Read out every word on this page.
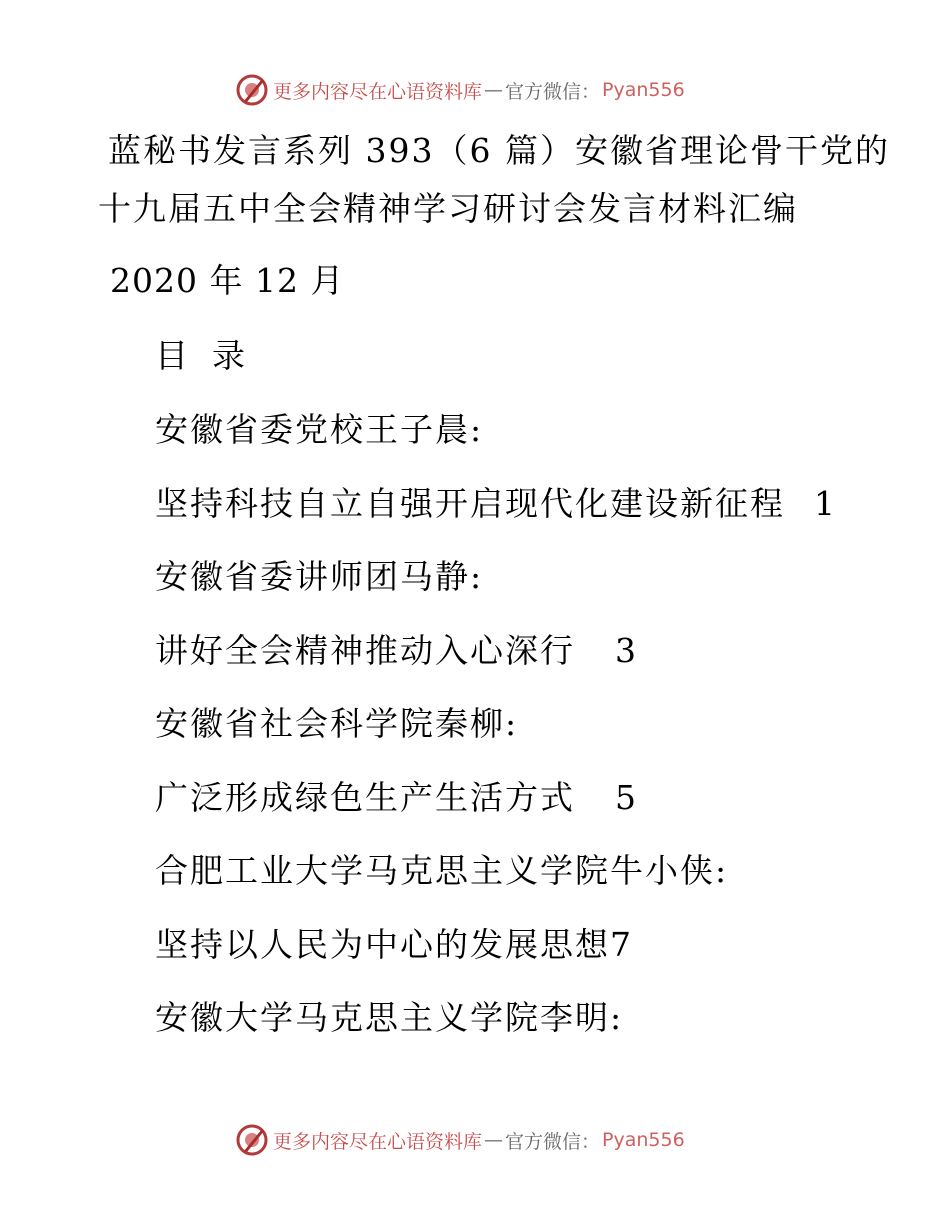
更多内容尽在心语资料库 — 官方微信： Pyan556
蓝秘书发言系列 393（6 篇）安徽省理论骨干党的
十九届五中全会精神学习研讨会发言材料汇编
2020 年 12 月
目 录
安徽省委党校王子晨:
坚持科技自立自强开启现代化建设新征程 1
安徽省委讲师团马静:
讲好全会精神推动入心深行 3
安徽省社会科学院秦柳:
广泛形成绿色生产生活方式 5
合肥工业大学马克思主义学院牛小侠:
坚持以人民为中心的发展思想7
安徽大学马克思主义学院李明:
更多内容尽在心语资料库 — 官方微信： Pyan556
